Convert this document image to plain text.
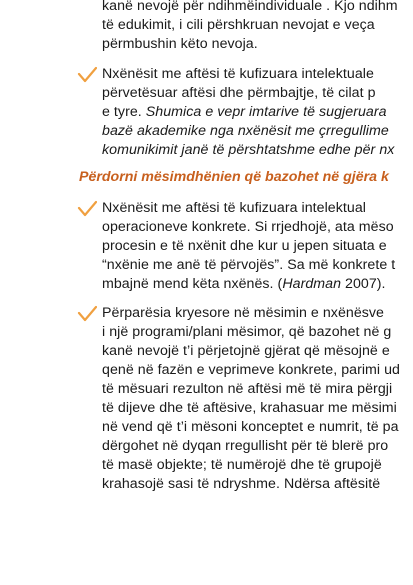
kanë nevojë për ndihmëindividuale . Kjo ndihm
të edukimit, i cili përshkruan nevojat e veça
përmbushin këto nevoja.
Nxënësit me aftësi të kufizuara intelektuale
përvetësuar aftësi dhe përmbajtje, të cilat p
e tyre. Shumica e vepr imtarive të sugjeruara
bazë akademike nga nxënësit me çrregullime
komunikimit janë të përshtatshme edhe për nx
Përdorni mësimdhënien që bazohet në gjëra k
Nxënësit me aftësi të kufizuara intelektual
operacioneve konkrete. Si rrjedhojë, ata mëso
procesin e të nxënit dhe kur u jepen situata e
“nxënie me anë të përvojës”. Sa më konkrete t
mbajnë mend këta nxënës. (Hardman 2007).
Përparësia kryesore në mësimin e nxënësve
i një programi/plani mësimor, që bazohet në g
kanë nevojë t’i përjetojnë gjërat që mësojnë e
qenë në fazën e veprimeve konkrete, parimi ud
të mësuari rezulton në aftësi më të mira përgji
të dijeve dhe të aftësive, krahasuar me mësimi
në vend që t’i mësoni konceptet e numrit, të pa
dërgohet në dyqan rregullisht për të blerë pro
të masë objekte; të numërojë dhe të grupojë
krahasojë sasi të ndryshme. Ndërsa aftësitë
